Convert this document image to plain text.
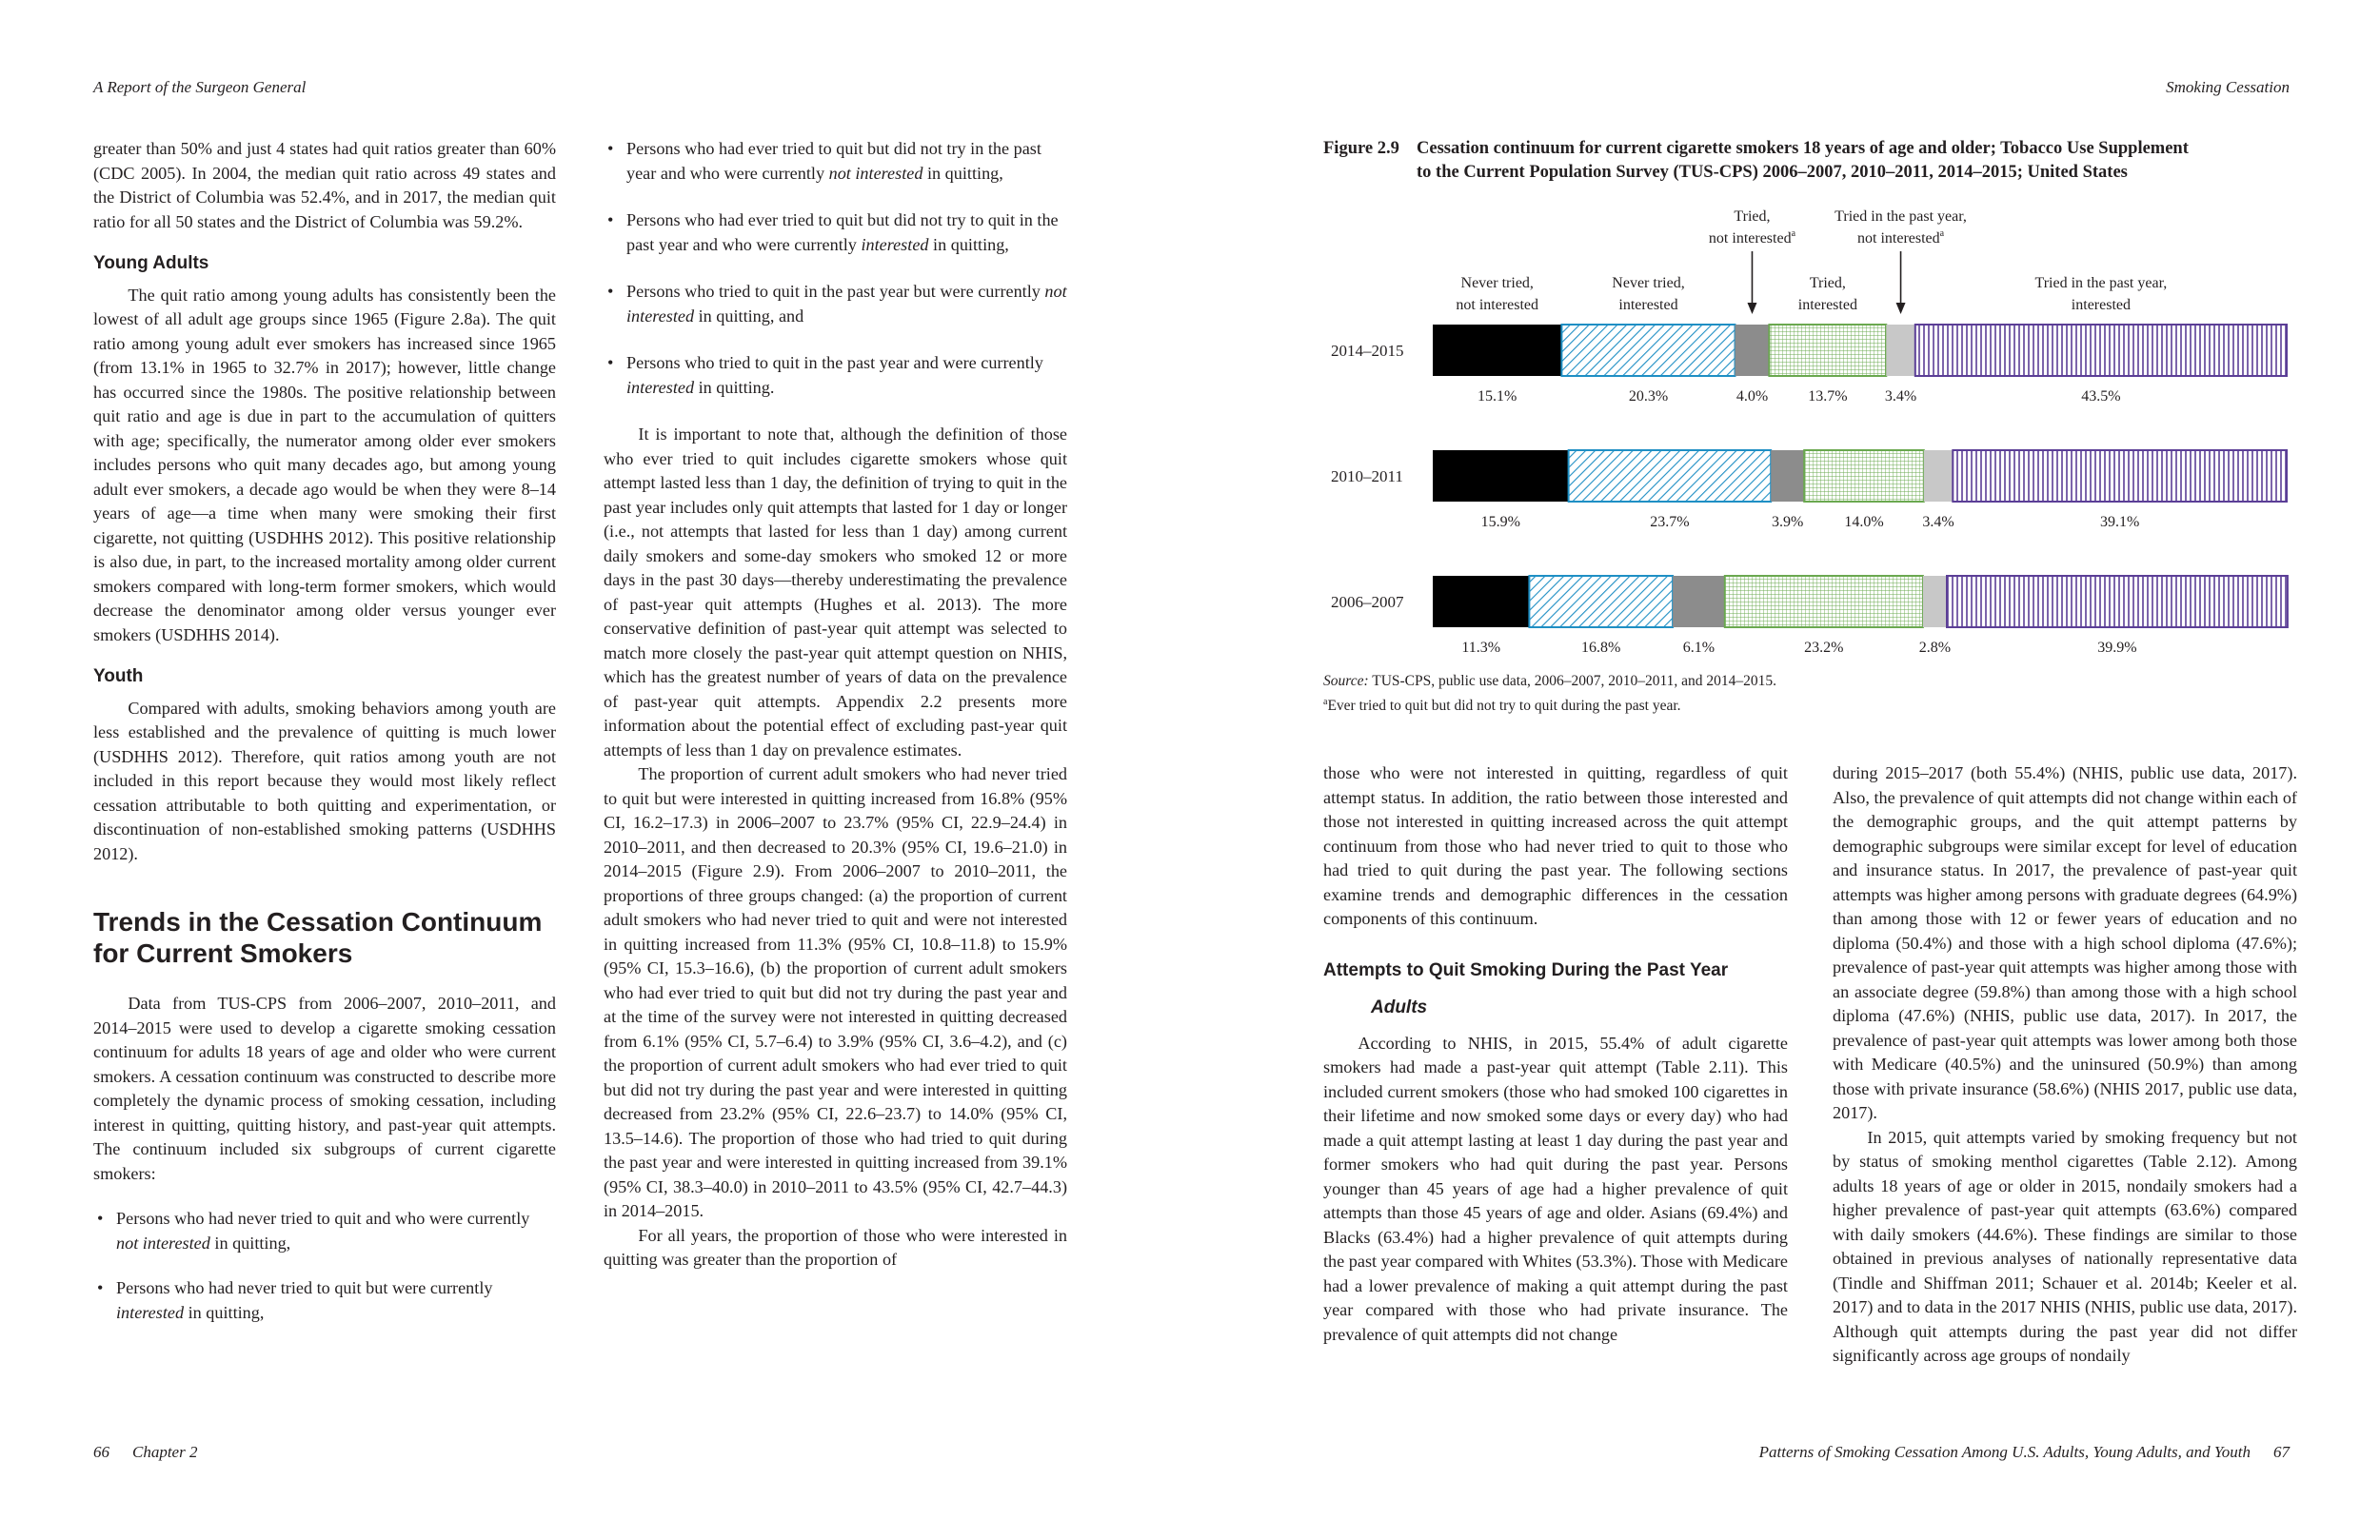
A Report of the Surgeon General	Smoking Cessation

greater than 50% and just 4 states had quit ratios greater than 60% (CDC 2005). In 2004, the median quit ratio across 49 states and the District of Columbia was 52.4%, and in 2017, the median quit ratio for all 50 states and the District of Columbia was 59.2%.

Young Adults

The quit ratio among young adults has consistently been the lowest of all adult age groups since 1965 (Figure 2.8a). The quit ratio among young adult ever smokers has increased since 1965 (from 13.1% in 1965 to 32.7% in 2017); however, little change has occurred since the 1980s. The positive relationship between quit ratio and age is due in part to the accumulation of quitters with age; specifically, the numerator among older ever smokers includes persons who quit many decades ago, but among young adult ever smokers, a decade ago would be when they were 8–14 years of age—a time when many were smoking their first cigarette, not quitting (USDHHS 2012). This positive relationship is also due, in part, to the increased mortality among older current smokers compared with long-term former smokers, which would decrease the denominator among older versus younger ever smokers (USDHHS 2014).

Youth

Compared with adults, smoking behaviors among youth are less established and the prevalence of quitting is much lower (USDHHS 2012). Therefore, quit ratios among youth are not included in this report because they would most likely reflect cessation attributable to both quitting and experimentation, or discontinuation of non-established smoking patterns (USDHHS 2012).

Trends in the Cessation Continuum
for Current Smokers

Data from TUS-CPS from 2006–2007, 2010–2011, and 2014–2015 were used to develop a cigarette smoking cessation continuum for adults 18 years of age and older who were current smokers. A cessation continuum was constructed to describe more completely the dynamic process of smoking cessation, including interest in quitting, quitting history, and past-year quit attempts. The continuum included six subgroups of current cigarette smokers:

• Persons who had never tried to quit and who were currently not interested in quitting,
• Persons who had never tried to quit but were currently interested in quitting,
• Persons who had ever tried to quit but did not try in the past year and who were currently not interested in quitting,
• Persons who had ever tried to quit but did not try to quit in the past year and who were currently interested in quitting,
• Persons who tried to quit in the past year but were currently not interested in quitting, and
• Persons who tried to quit in the past year and were currently interested in quitting.

It is important to note that, although the definition of those who ever tried to quit includes cigarette smokers whose quit attempt lasted less than 1 day, the definition of trying to quit in the past year includes only quit attempts that lasted for 1 day or longer (i.e., not attempts that lasted for less than 1 day) among current daily smokers and some-day smokers who smoked 12 or more days in the past 30 days—thereby underestimating the prevalence of past-year quit attempts (Hughes et al. 2013). The more conservative definition of past-year quit attempt was selected to match more closely the past-year quit attempt question on NHIS, which has the greatest number of years of data on the prevalence of past-year quit attempts. Appendix 2.2 presents more information about the potential effect of excluding past-year quit attempts of less than 1 day on prevalence estimates.

The proportion of current adult smokers who had never tried to quit but were interested in quitting increased from 16.8% (95% CI, 16.2–17.3) in 2006–2007 to 23.7% (95% CI, 22.9–24.4) in 2010–2011, and then decreased to 20.3% (95% CI, 19.6–21.0) in 2014–2015 (Figure 2.9). From 2006–2007 to 2010–2011, the proportions of three groups changed: (a) the proportion of current adult smokers who had never tried to quit and were not interested in quitting increased from 11.3% (95% CI, 10.8–11.8) to 15.9% (95% CI, 15.3–16.6), (b) the proportion of current adult smokers who had ever tried to quit but did not try during the past year and at the time of the survey were not interested in quitting decreased from 6.1% (95% CI, 5.7–6.4) to 3.9% (95% CI, 3.6–4.2), and (c) the proportion of current adult smokers who had ever tried to quit but did not try during the past year and were interested in quitting decreased from 23.2% (95% CI, 22.6–23.7) to 14.0% (95% CI, 13.5–14.6). The proportion of those who had tried to quit during the past year and were interested in quitting increased from 39.1% (95% CI, 38.3–40.0) in 2010–2011 to 43.5% (95% CI, 42.7–44.3) in 2014–2015.

For all years, the proportion of those who were interested in quitting was greater than the proportion of

Figure 2.9 Cessation continuum for current cigarette smokers 18 years of age and older; Tobacco Use Supplement
to the Current Population Survey (TUS-CPS) 2006–2007, 2010–2011, 2014–2015; United States
Never tried,
not interested
Never tried,
interested
Tried,
not interested$^a$
Tried,
interested
Tried in the past year,
not interested$^a$
Tried in the past year,
interested
2014–2015
15.1%	20.3%	4.0%	13.7% 3.4%	43.5%
2010–2011
15.9%	23.7%	3.9%	14.0%	3.4%	39.1%
2006–2007
11.3%	16.8%	6.1%	23.2%	2.8%	39.9%
Source: TUS-CPS, public use data, 2006–2007, 2010–2011, and 2014–2015.
$^a$Ever tried to quit but did not try to quit during the past year.

those who were not interested in quitting, regardless of quit attempt status. In addition, the ratio between those interested and those not interested in quitting increased across the quit attempt continuum from those who had never tried to quit to those who had tried to quit during the past year. The following sections examine trends and demographic differences in the cessation components of this continuum.

Attempts to Quit Smoking During the Past Year
Adults

According to NHIS, in 2015, 55.4% of adult cigarette smokers had made a past-year quit attempt (Table 2.11). This included current smokers (those who had smoked 100 cigarettes in their lifetime and now smoked some days or every day) who had made a quit attempt lasting at least 1 day during the past year and former smokers who had quit during the past year. Persons younger than 45 years of age had a higher prevalence of quit attempts than those 45 years of age and older. Asians (69.4%) and Blacks (63.4%) had a higher prevalence of quit attempts during the past year compared with Whites (53.3%). Those with Medicare had a lower prevalence of making a quit attempt during the past year compared with those who had private insurance. The prevalence of quit attempts did not change

during 2015–2017 (both 55.4%) (NHIS, public use data, 2017). Also, the prevalence of quit attempts did not change within each of the demographic groups, and the quit attempt patterns by demographic subgroups were similar except for level of education and insurance status. In 2017, the prevalence of past-year quit attempts was higher among persons with graduate degrees (64.9%) than among those with 12 or fewer years of education and no diploma (50.4%) and those with a high school diploma (47.6%); prevalence of past-year quit attempts was higher among those with an associate degree (59.8%) than among those with a high school diploma (47.6%) (NHIS, public use data, 2017). In 2017, the prevalence of past-year quit attempts was lower among both those with Medicare (40.5%) and the uninsured (50.9%) than among those with private insurance (58.6%) (NHIS 2017, public use data, 2017).

In 2015, quit attempts varied by smoking frequency but not by status of smoking menthol cigarettes (Table 2.12). Among adults 18 years of age or older in 2015, nondaily smokers had a higher prevalence of past-year quit attempts (63.6%) compared with daily smokers (44.6%). These findings are similar to those obtained in previous analyses of nationally representative data (Tindle and Shiffman 2011; Schauer et al. 2014b; Keeler et al. 2017) and to data in the 2017 NHIS (NHIS, public use data, 2017). Although quit attempts during the past year did not differ significantly across age groups of nondaily

66 Chapter 2	Patterns of Smoking Cessation Among U.S. Adults, Young Adults, and Youth 67
